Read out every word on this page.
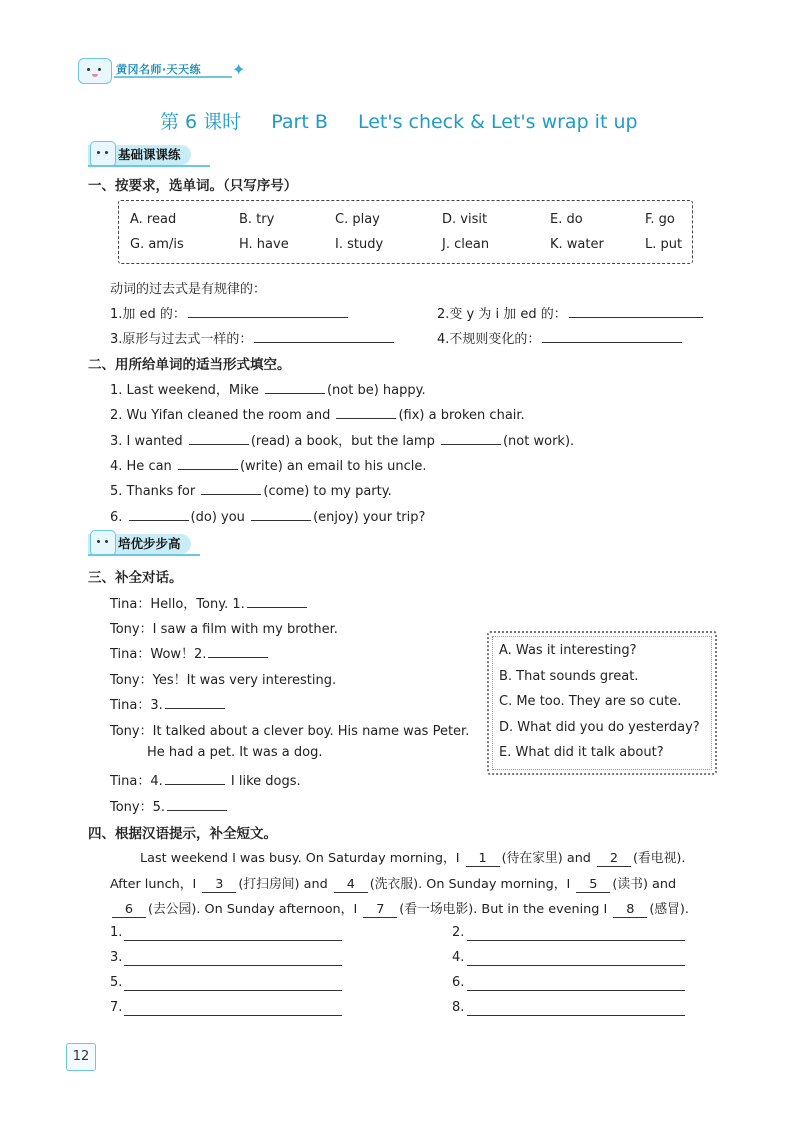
黄冈名师·天天练 ✦
第 6 课时 Part B Let's check & Let's wrap it up
基础课课练
一、按要求，选单词。（只写序号）
A. read	B. try	C. play	D. visit	E. do	F. go
G. am/is	H. have	I. study	J. clean	K. water	L. put
动词的过去式是有规律的：
1.加 ed 的：	2.变 y 为 i 加 ed 的：
3.原形与过去式一样的：	4.不规则变化的：
二、用所给单词的适当形式填空。
1. Last weekend，Mike	(not be) happy.
2. Wu Yifan cleaned the room and	(fix) a broken chair.
3. I wanted	(read) a book，but the lamp	(not work).
4. He can	(write) an email to his uncle.
5. Thanks for	(come) to my party.
6.	(do) you	(enjoy) your trip?
培优步步高
三、补全对话。
Tina：Hello，Tony. 1.
Tony：I saw a film with my brother.
Tina：Wow！2.
Tony：Yes！It was very interesting.
Tina：3.
Tony：It talked about a clever boy. His name was Peter.
He had a pet. It was a dog.
Tina：4.	I like dogs.
Tony：5.
A. Was it interesting?
B. That sounds great.
C. Me too. They are so cute.
D. What did you do yesterday?
E. What did it talk about?
四、根据汉语提示，补全短文。
Last weekend I was busy. On Saturday morning，I 1 (待在家里) and 2 (看电视).
After lunch，I 3 (打扫房间) and 4 (洗衣服). On Sunday morning，I 5 (读书) and
6 (去公园). On Sunday afternoon，I 7 (看一场电影). But in the evening I 8 (感冒).
1.	2.
3.	4.
5.	6.
7.	8.
12
